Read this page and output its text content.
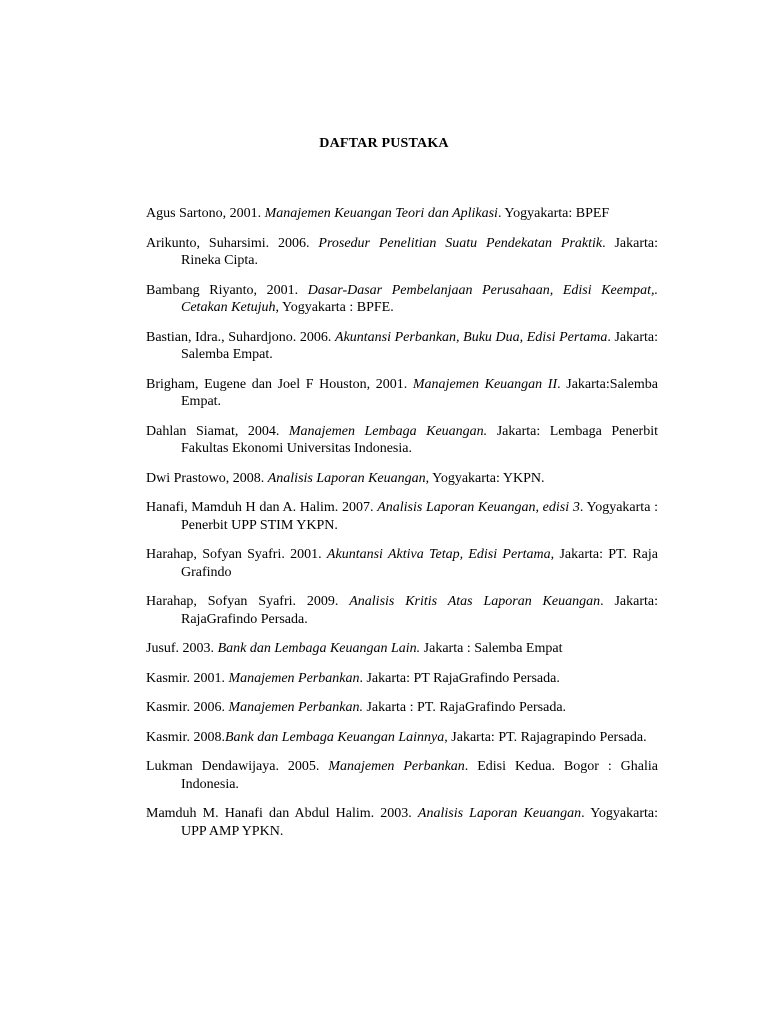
DAFTAR PUSTAKA

Agus Sartono, 2001. Manajemen Keuangan Teori dan Aplikasi. Yogyakarta: BPEF

Arikunto, Suharsimi. 2006. Prosedur Penelitian Suatu Pendekatan Praktik. Jakarta: Rineka Cipta.

Bambang Riyanto, 2001. Dasar-Dasar Pembelanjaan Perusahaan, Edisi Keempat,. Cetakan Ketujuh, Yogyakarta : BPFE.

Bastian, Idra., Suhardjono. 2006. Akuntansi Perbankan, Buku Dua, Edisi Pertama. Jakarta: Salemba Empat.

Brigham, Eugene dan Joel F Houston, 2001. Manajemen Keuangan II. Jakarta:Salemba Empat.

Dahlan Siamat, 2004. Manajemen Lembaga Keuangan. Jakarta: Lembaga Penerbit Fakultas Ekonomi Universitas Indonesia.

Dwi Prastowo, 2008. Analisis Laporan Keuangan, Yogyakarta: YKPN.

Hanafi, Mamduh H dan A. Halim. 2007. Analisis Laporan Keuangan, edisi 3. Yogyakarta : Penerbit UPP STIM YKPN.

Harahap, Sofyan Syafri. 2001. Akuntansi Aktiva Tetap, Edisi Pertama, Jakarta: PT. Raja Grafindo

Harahap, Sofyan Syafri. 2009. Analisis Kritis Atas Laporan Keuangan. Jakarta: RajaGrafindo Persada.

Jusuf. 2003. Bank dan Lembaga Keuangan Lain. Jakarta : Salemba Empat

Kasmir. 2001. Manajemen Perbankan. Jakarta: PT RajaGrafindo Persada.

Kasmir. 2006. Manajemen Perbankan. Jakarta : PT. RajaGrafindo Persada.

Kasmir. 2008.Bank dan Lembaga Keuangan Lainnya, Jakarta: PT. Rajagrapindo Persada.

Lukman Dendawijaya. 2005. Manajemen Perbankan. Edisi Kedua. Bogor : Ghalia Indonesia.

Mamduh M. Hanafi dan Abdul Halim. 2003. Analisis Laporan Keuangan. Yogyakarta: UPP AMP YPKN.
